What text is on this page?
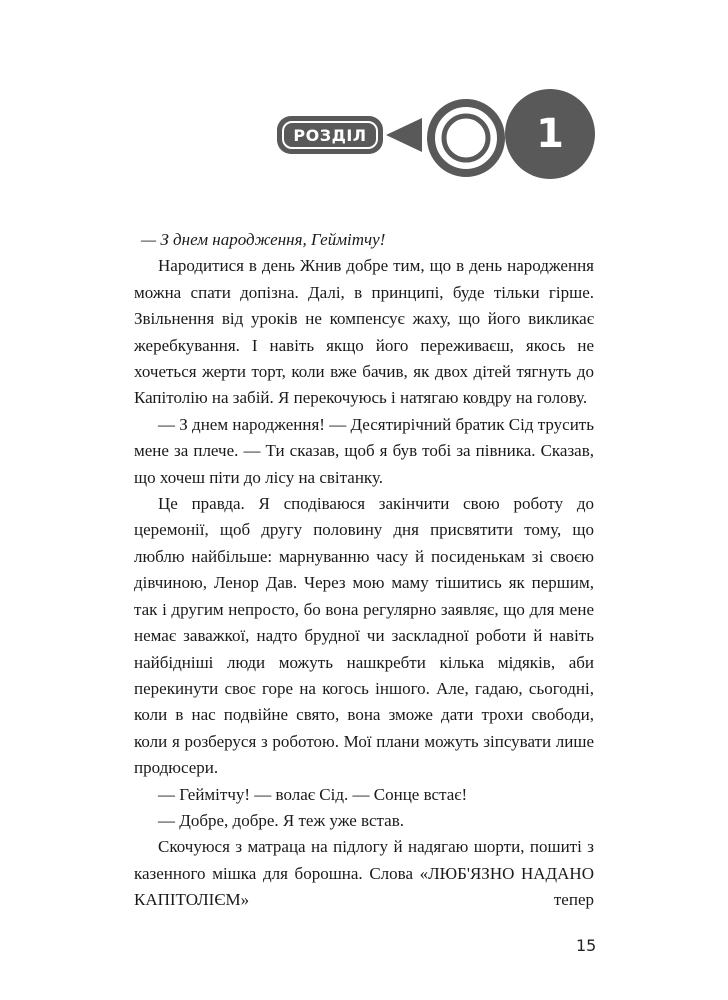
РОЗДІЛ	1

— З днем народження, Геймітчу!

Народитися в день Жнив добре тим, що в день народження можна спати допізна. Далі, в принципі, буде тільки гірше. Звільнення від уроків не компенсує жаху, що його викликає жеребкування. І навіть якщо його переживаєш, якось не хочеться жерти торт, коли вже бачив, як двох дітей тягнуть до Капітолію на забій. Я перекочуюсь і натягаю ковдру на голову.

— З днем народження! — Десятирічний братик Сід трусить мене за плече. — Ти сказав, щоб я був тобі за півника. Сказав, що хочеш піти до лісу на світанку.

Це правда. Я сподіваюся закінчити свою роботу до церемонії, щоб другу половину дня присвятити тому, що люблю найбільше: марнуванню часу й посиденькам зі своєю дівчиною, Ленор Дав. Через мою маму тішитись як першим, так і другим непросто, бо вона регулярно заявляє, що для мене немає заважкої, надто брудної чи заскладної роботи й навіть найбідніші люди можуть нашкребти кілька мідяків, аби перекинути своє горе на когось іншого. Але, гадаю, сьогодні, коли в нас подвійне свято, вона зможе дати трохи свободи, коли я розберуся з роботою. Мої плани можуть зіпсувати лише продюсери.

— Геймітчу! — волає Сід. — Сонце встає!

— Добре, добре. Я теж уже встав.

Скочуюся з матраца на підлогу й надягаю шорти, пошиті з казенного мішка для борошна. Слова «ЛЮБ'ЯЗНО НАДАНО КАПІТОЛІЄМ» тепер

15
